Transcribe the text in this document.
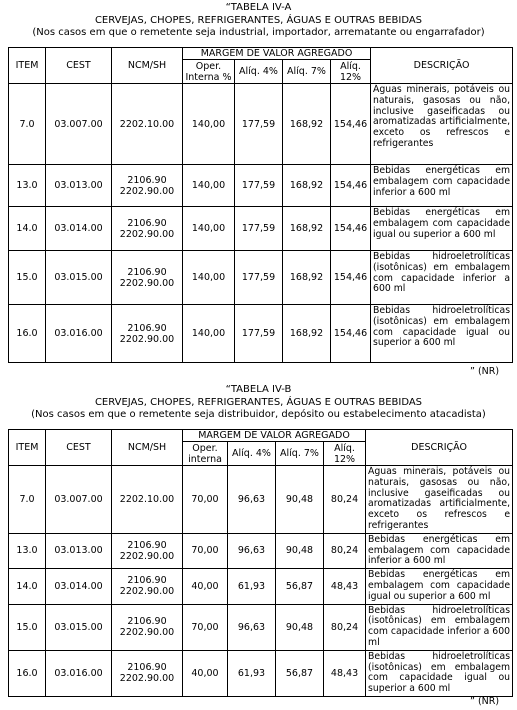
“TABELA IV-A
CERVEJAS, CHOPES, REFRIGERANTES, ÁGUAS E OUTRAS BEBIDAS
(Nos casos em que o remetente seja industrial, importador, arrematante ou engarrafador)
ITEM	CEST	NCM/SH	MARGEM DE VALOR AGREGADO				DESCRIÇÃO
			Oper. Interna %	Alíq. 4%	Alíq. 7%	Alíq. 12%	
7.0	03.007.00	2202.10.00	140,00	177,59	168,92	154,46	Águas minerais, potáveis ou naturais, gasosas ou não, inclusive gaseificadas ou aromatizadas artificialmente, exceto os refrescos e refrigerantes
13.0	03.013.00	2106.90 2202.90.00	140,00	177,59	168,92	154,46	Bebidas energéticas em embalagem com capacidade inferior a 600 ml
14.0	03.014.00	2106.90 2202.90.00	140,00	177,59	168,92	154,46	Bebidas energéticas em embalagem com capacidade igual ou superior a 600 ml
15.0	03.015.00	2106.90 2202.90.00	140,00	177,59	168,92	154,46	Bebidas hidroeletrolíticas (isotônicas) em embalagem com capacidade inferior a 600 ml
16.0	03.016.00	2106.90 2202.90.00	140,00	177,59	168,92	154,46	Bebidas hidroeletrolíticas (isotônicas) em embalagem com capacidade igual ou superior a 600 ml
” (NR)
“TABELA IV-B
CERVEJAS, CHOPES, REFRIGERANTES, ÁGUAS E OUTRAS BEBIDAS
(Nos casos em que o remetente seja distribuidor, depósito ou estabelecimento atacadista)
ITEM	CEST	NCM/SH	MARGEM DE VALOR AGREGADO				DESCRIÇÃO
			Oper. interna	Alíq. 4%	Alíq. 7%	Alíq. 12%	
7.0	03.007.00	2202.10.00	70,00	96,63	90,48	80,24	Águas minerais, potáveis ou naturais, gasosas ou não, inclusive gaseificadas ou aromatizadas artificialmente, exceto os refrescos e refrigerantes
13.0	03.013.00	2106.90 2202.90.00	70,00	96,63	90,48	80,24	Bebidas energéticas em embalagem com capacidade inferior a 600 ml
14.0	03.014.00	2106.90 2202.90.00	40,00	61,93	56,87	48,43	Bebidas energéticas em embalagem com capacidade igual ou superior a 600 ml
15.0	03.015.00	2106.90 2202.90.00	70,00	96,63	90,48	80,24	Bebidas hidroeletrolíticas (isotônicas) em embalagem com capacidade inferior a 600 ml
16.0	03.016.00	2106.90 2202.90.00	40,00	61,93	56,87	48,43	Bebidas hidroeletrolíticas (isotônicas) em embalagem com capacidade igual ou superior a 600 ml
” (NR)
